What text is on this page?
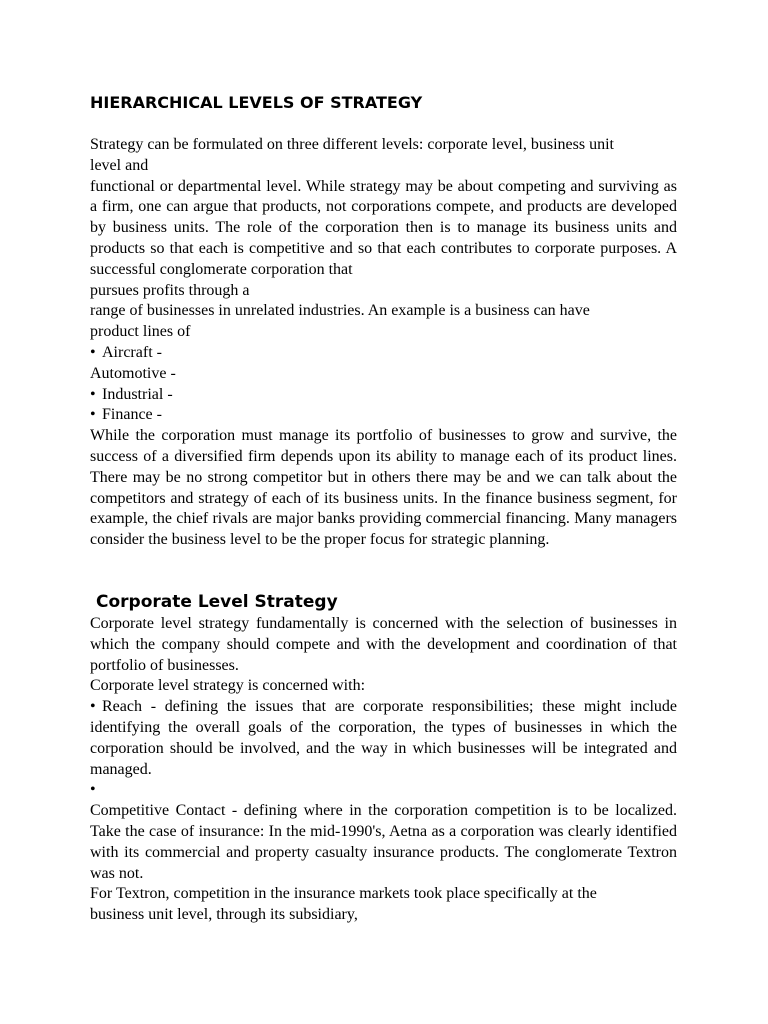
HIERARCHICAL LEVELS OF STRATEGY

Strategy can be formulated on three different levels: corporate level, business unit

level and

functional or departmental level. While strategy may be about competing and surviving as a firm, one can argue that products, not corporations compete, and products are developed by business units. The role of the corporation then is to manage its business units and products so that each is competitive and so that each contributes to corporate purposes. A successful conglomerate corporation that

pursues profits through a

range of businesses in unrelated industries. An example is a business can have

product lines of

• Aircraft -

Automotive -

• Industrial -

• Finance -

While the corporation must manage its portfolio of businesses to grow and survive, the success of a diversified firm depends upon its ability to manage each of its product lines. There may be no strong competitor but in others there may be and we can talk about the competitors and strategy of each of its business units. In the finance business segment, for example, the chief rivals are major banks providing commercial financing. Many managers consider the business level to be the proper focus for strategic planning.

Corporate Level Strategy

Corporate level strategy fundamentally is concerned with the selection of businesses in which the company should compete and with the development and coordination of that portfolio of businesses.

Corporate level strategy is concerned with:

• Reach - defining the issues that are corporate responsibilities; these might include identifying the overall goals of the corporation, the types of businesses in which the corporation should be involved, and the way in which businesses will be integrated and managed.

•

Competitive Contact - defining where in the corporation competition is to be localized. Take the case of insurance: In the mid-1990's, Aetna as a corporation was clearly identified with its commercial and property casualty insurance products. The conglomerate Textron was not.

For Textron, competition in the insurance markets took place specifically at the

business unit level, through its subsidiary,
